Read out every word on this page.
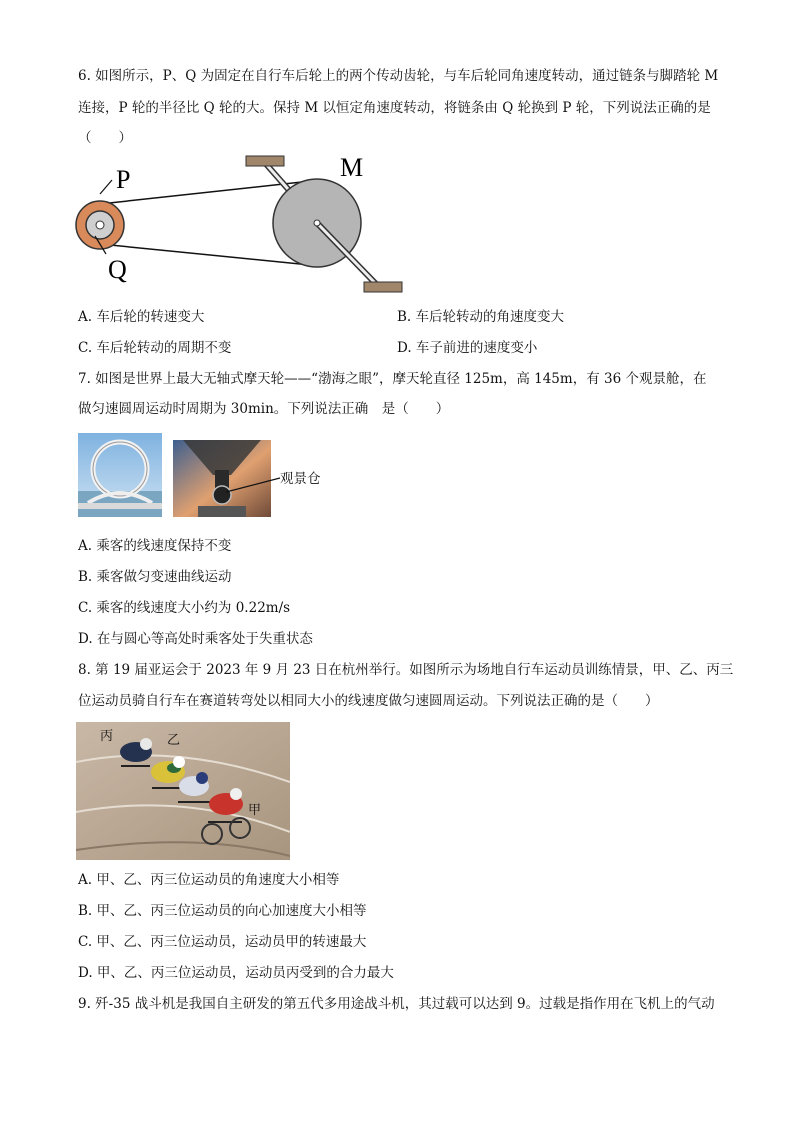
6. 如图所示，P、Q 为固定在自行车后轮上的两个传动齿轮，与车后轮同角速度转动，通过链条与脚踏轮 M
连接，P 轮的半径比 Q 轮的大。保持 M 以恒定角速度转动，将链条由 Q 轮换到 P 轮，下列说法正确的是
（　　）
P
Q
M
A. 车后轮的转速变大	B. 车后轮转动的角速度变大
C. 车后轮转动的周期不变	D. 车子前进的速度变小
7. 如图是世界上最大无轴式摩天轮——“渤海之眼”，摩天轮直径 125m，高 145m，有 36 个观景舱，在
做匀速圆周运动时周期为 30min。下列说法正确　是（　　）
观景仓
A. 乘客的线速度保持不变
B. 乘客做匀变速曲线运动
C. 乘客的线速度大小约为 0.22m/s
D. 在与圆心等高处时乘客处于失重状态
8. 第 19 届亚运会于 2023 年 9 月 23 日在杭州举行。如图所示为场地自行车运动员训练情景，甲、乙、丙三
位运动员骑自行车在赛道转弯处以相同大小的线速度做匀速圆周运动。下列说法正确的是（　　）
丙	乙
甲
A. 甲、乙、丙三位运动员的角速度大小相等
B. 甲、乙、丙三位运动员的向心加速度大小相等
C. 甲、乙、丙三位运动员，运动员甲的转速最大
D. 甲、乙、丙三位运动员，运动员丙受到的合力最大
9. 歼-35 战斗机是我国自主研发的第五代多用途战斗机，其过载可以达到 9。过载是指作用在飞机上的气动
